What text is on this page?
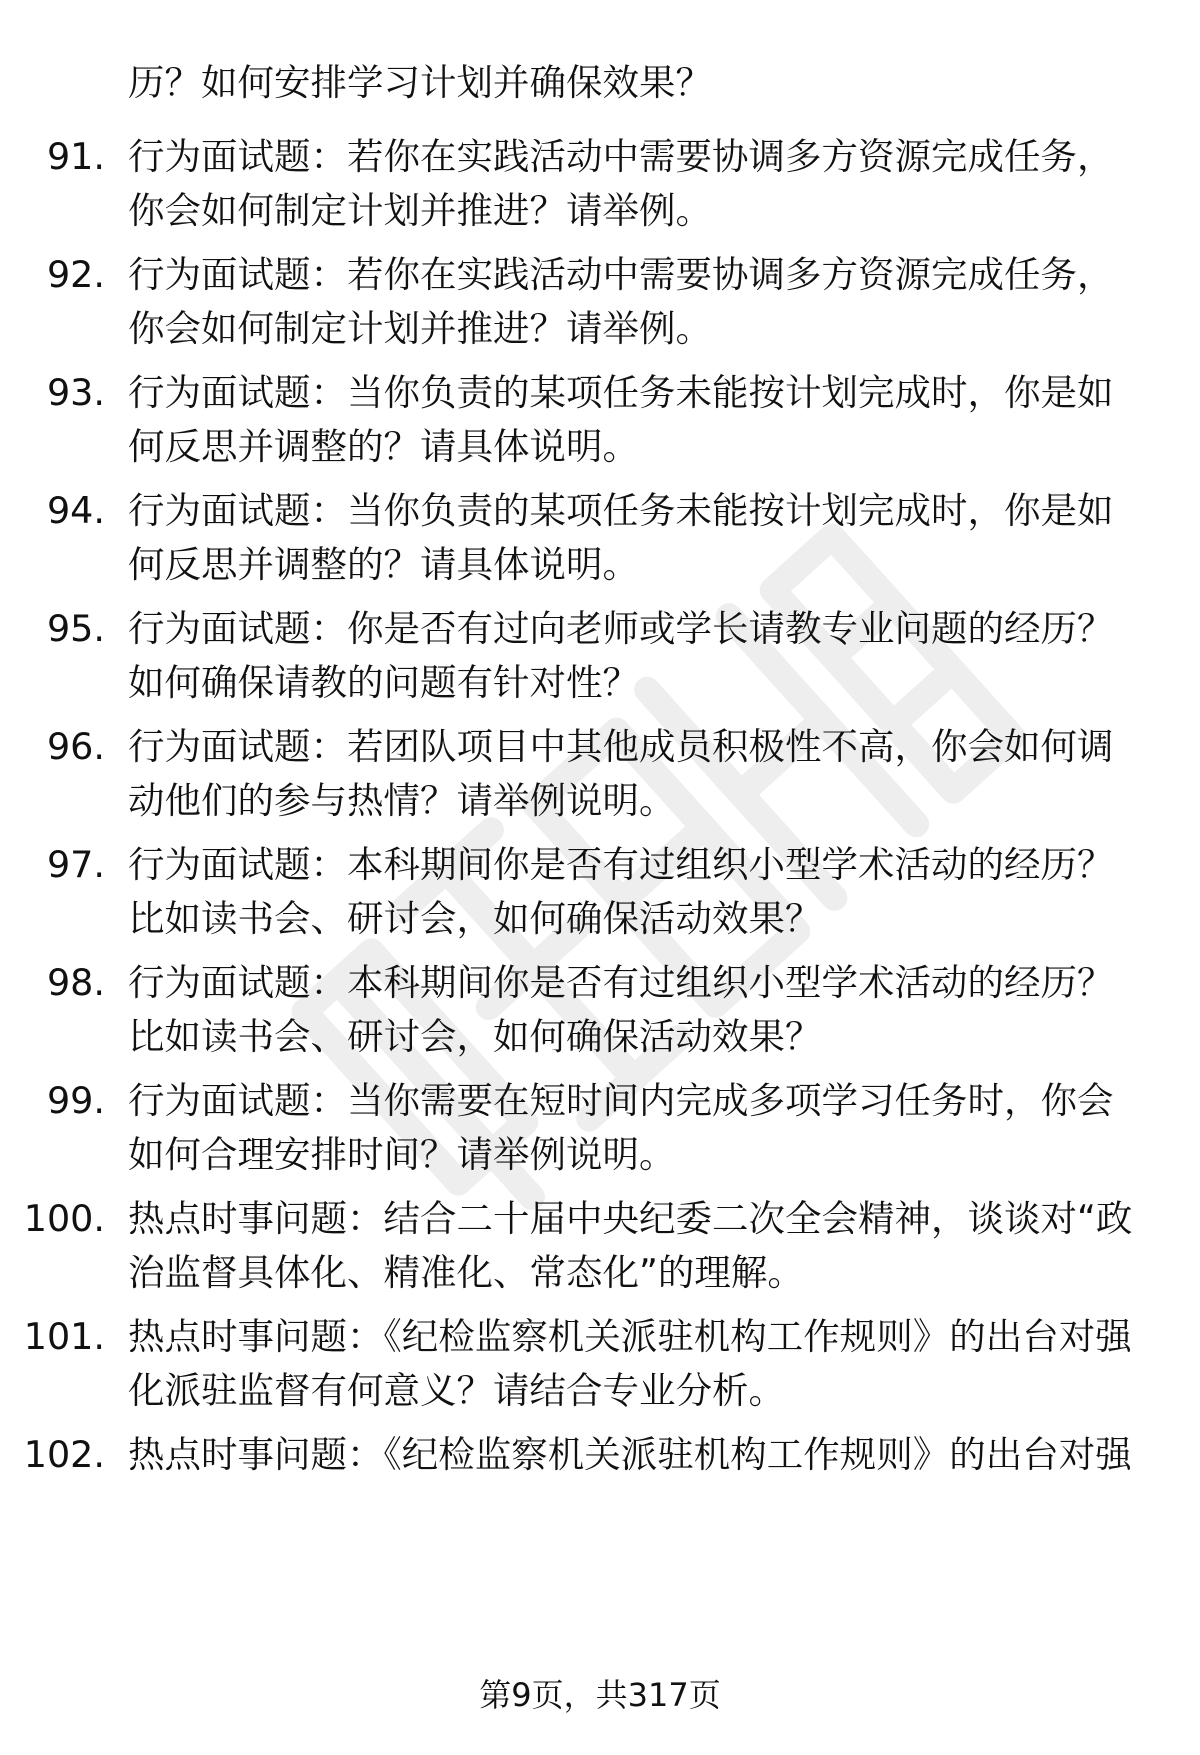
历？如何安排学习计划并确保效果？

91. 行为面试题：若你在实践活动中需要协调多方资源完成任务，你会如何制定计划并推进？请举例。

92. 行为面试题：若你在实践活动中需要协调多方资源完成任务，你会如何制定计划并推进？请举例。

93. 行为面试题：当你负责的某项任务未能按计划完成时，你是如何反思并调整的？请具体说明。

94. 行为面试题：当你负责的某项任务未能按计划完成时，你是如何反思并调整的？请具体说明。

95. 行为面试题：你是否有过向老师或学长请教专业问题的经历？如何确保请教的问题有针对性？

96. 行为面试题：若团队项目中其他成员积极性不高，你会如何调动他们的参与热情？请举例说明。

97. 行为面试题：本科期间你是否有过组织小型学术活动的经历？比如读书会、研讨会，如何确保活动效果？

98. 行为面试题：本科期间你是否有过组织小型学术活动的经历？比如读书会、研讨会，如何确保活动效果？

99. 行为面试题：当你需要在短时间内完成多项学习任务时，你会如何合理安排时间？请举例说明。

100. 热点时事问题：结合二十届中央纪委二次全会精神，谈谈对“政治监督具体化、精准化、常态化”的理解。

101. 热点时事问题：《纪检监察机关派驻机构工作规则》的出台对强化派驻监督有何意义？请结合专业分析。

102. 热点时事问题：《纪检监察机关派驻机构工作规则》的出台对强

第9页，共317页
